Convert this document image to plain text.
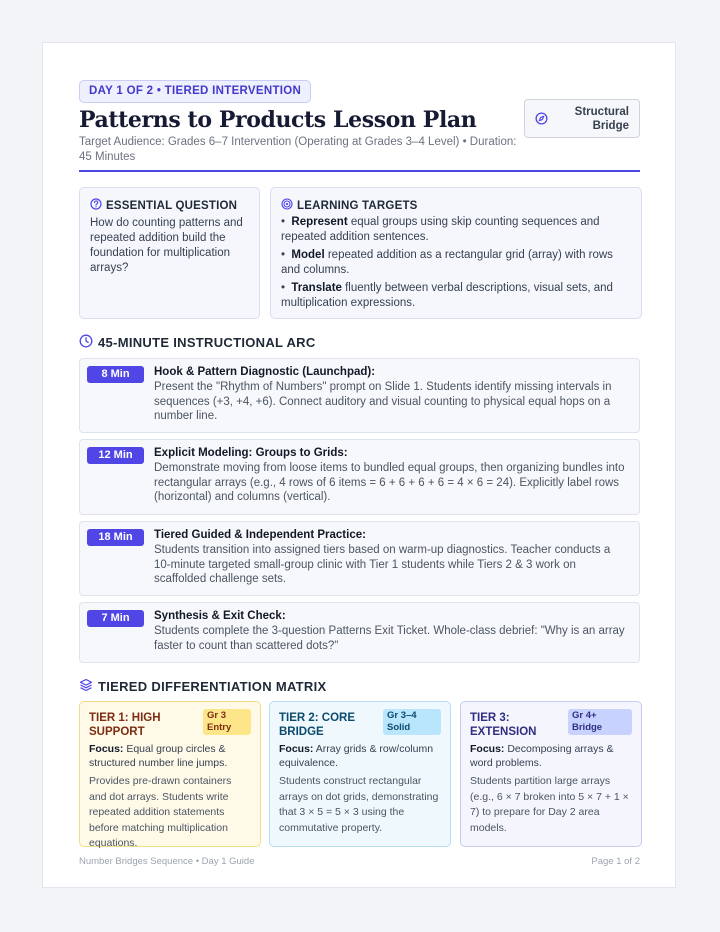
DAY 1 OF 2 • TIERED INTERVENTION
Patterns to Products Lesson Plan
Target Audience: Grades 6–7 Intervention (Operating at Grades 3–4 Level) • Duration: 45 Minutes
Structural
Bridge
ESSENTIAL QUESTION
How do counting patterns and repeated addition build the foundation for multiplication arrays?
LEARNING TARGETS
•  Represent equal groups using skip counting sequences and repeated addition sentences.
•  Model repeated addition as a rectangular grid (array) with rows and columns.
•  Translate fluently between verbal descriptions, visual sets, and multiplication expressions.
45-MINUTE INSTRUCTIONAL ARC
8 Min	Hook & Pattern Diagnostic (Launchpad):
Present the "Rhythm of Numbers" prompt on Slide 1. Students identify missing intervals in sequences (+3, +4, +6). Connect auditory and visual counting to physical equal hops on a number line.
12 Min	Explicit Modeling: Groups to Grids:
Demonstrate moving from loose items to bundled equal groups, then organizing bundles into rectangular arrays (e.g., 4 rows of 6 items = 6 + 6 + 6 + 6 = 4 × 6 = 24). Explicitly label rows (horizontal) and columns (vertical).
18 Min	Tiered Guided & Independent Practice:
Students transition into assigned tiers based on warm-up diagnostics. Teacher conducts a 10-minute targeted small-group clinic with Tier 1 students while Tiers 2 & 3 work on scaffolded challenge sets.
7 Min	Synthesis & Exit Check:
Students complete the 3-question Patterns Exit Ticket. Whole-class debrief: "Why is an array faster to count than scattered dots?"
TIERED DIFFERENTIATION MATRIX
TIER 1: HIGH SUPPORT
Gr 3 Entry
Focus: Equal group circles & structured number line jumps.
Provides pre-drawn containers and dot arrays. Students write repeated addition statements before matching multiplication equations.
TIER 2: CORE BRIDGE
Gr 3–4 Solid
Focus: Array grids & row/column equivalence.
Students construct rectangular arrays on dot grids, demonstrating that 3 × 5 = 5 × 3 using the commutative property.
TIER 3: EXTENSION
Gr 4+ Bridge
Focus: Decomposing arrays & word problems.
Students partition large arrays (e.g., 6 × 7 broken into 5 × 7 + 1 × 7) to prepare for Day 2 area models.
Number Bridges Sequence • Day 1 Guide	Page 1 of 2
